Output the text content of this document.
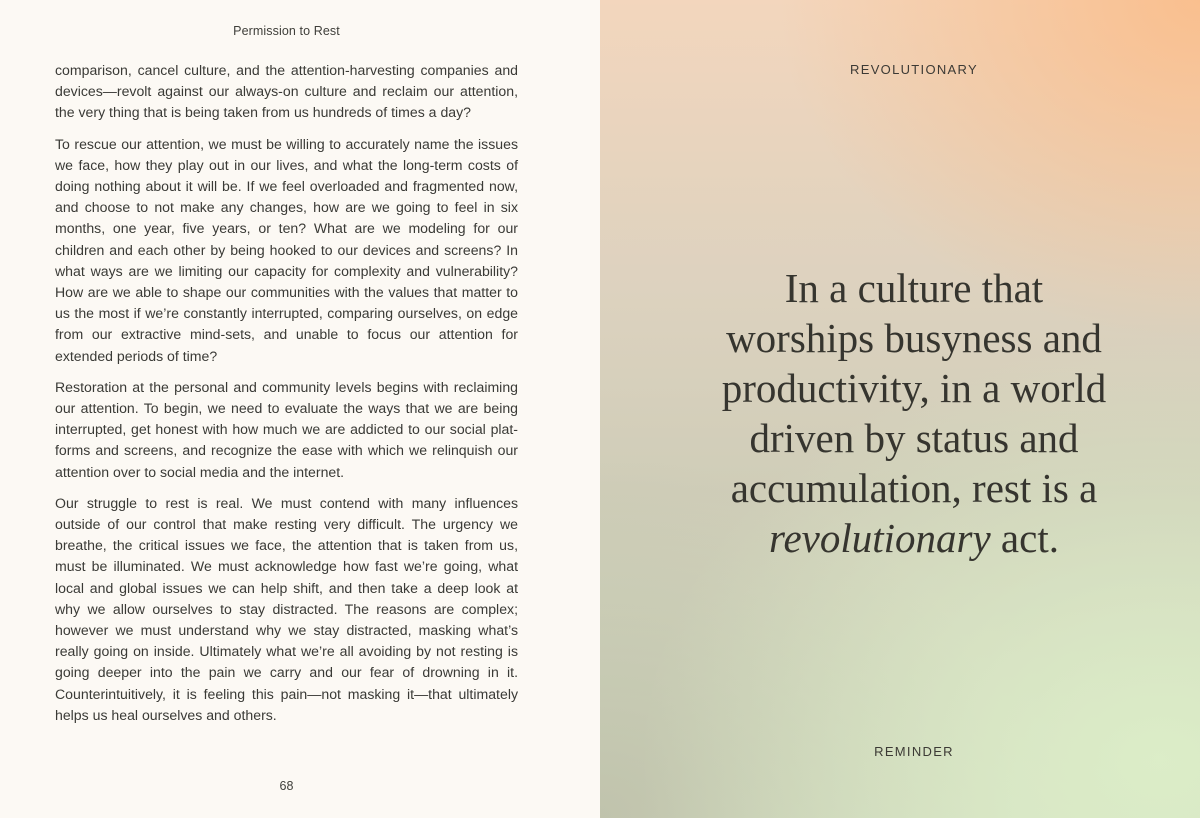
Permission to Rest

comparison, cancel culture, and the attention-harvesting companies and devices—revolt against our always-on culture and reclaim our attention, the very thing that is being taken from us hundreds of times a day?

To rescue our attention, we must be willing to accurately name the issues we face, how they play out in our lives, and what the long-term costs of doing nothing about it will be. If we feel overloaded and fragmented now, and choose to not make any changes, how are we going to feel in six months, one year, five years, or ten? What are we modeling for our children and each other by being hooked to our devices and screens? In what ways are we limiting our capacity for complexity and vulnerability? How are we able to shape our communities with the values that matter to us the most if we’re constantly interrupted, comparing ourselves, on edge from our extractive mind-sets, and unable to focus our attention for extended periods of time?

Restoration at the personal and community levels begins with reclaiming our attention. To begin, we need to evaluate the ways that we are being interrupted, get honest with how much we are addicted to our social platforms and screens, and recognize the ease with which we relinquish our attention over to social media and the internet.

Our struggle to rest is real. We must contend with many influences outside of our control that make resting very difficult. The urgency we breathe, the critical issues we face, the attention that is taken from us, must be illuminated. We must acknowledge how fast we’re going, what local and global issues we can help shift, and then take a deep look at why we allow ourselves to stay distracted. The reasons are complex; however we must understand why we stay distracted, masking what’s really going on inside. Ultimately what we’re all avoiding by not resting is going deeper into the pain we carry and our fear of drowning in it. Counterintuitively, it is feeling this pain—not masking it—that ultimately helps us heal ourselves and others.

68
REVOLUTIONARY
In a culture that
worships busyness and
productivity, in a world
driven by status and
accumulation, rest is a
revolutionary act.
REMINDER
